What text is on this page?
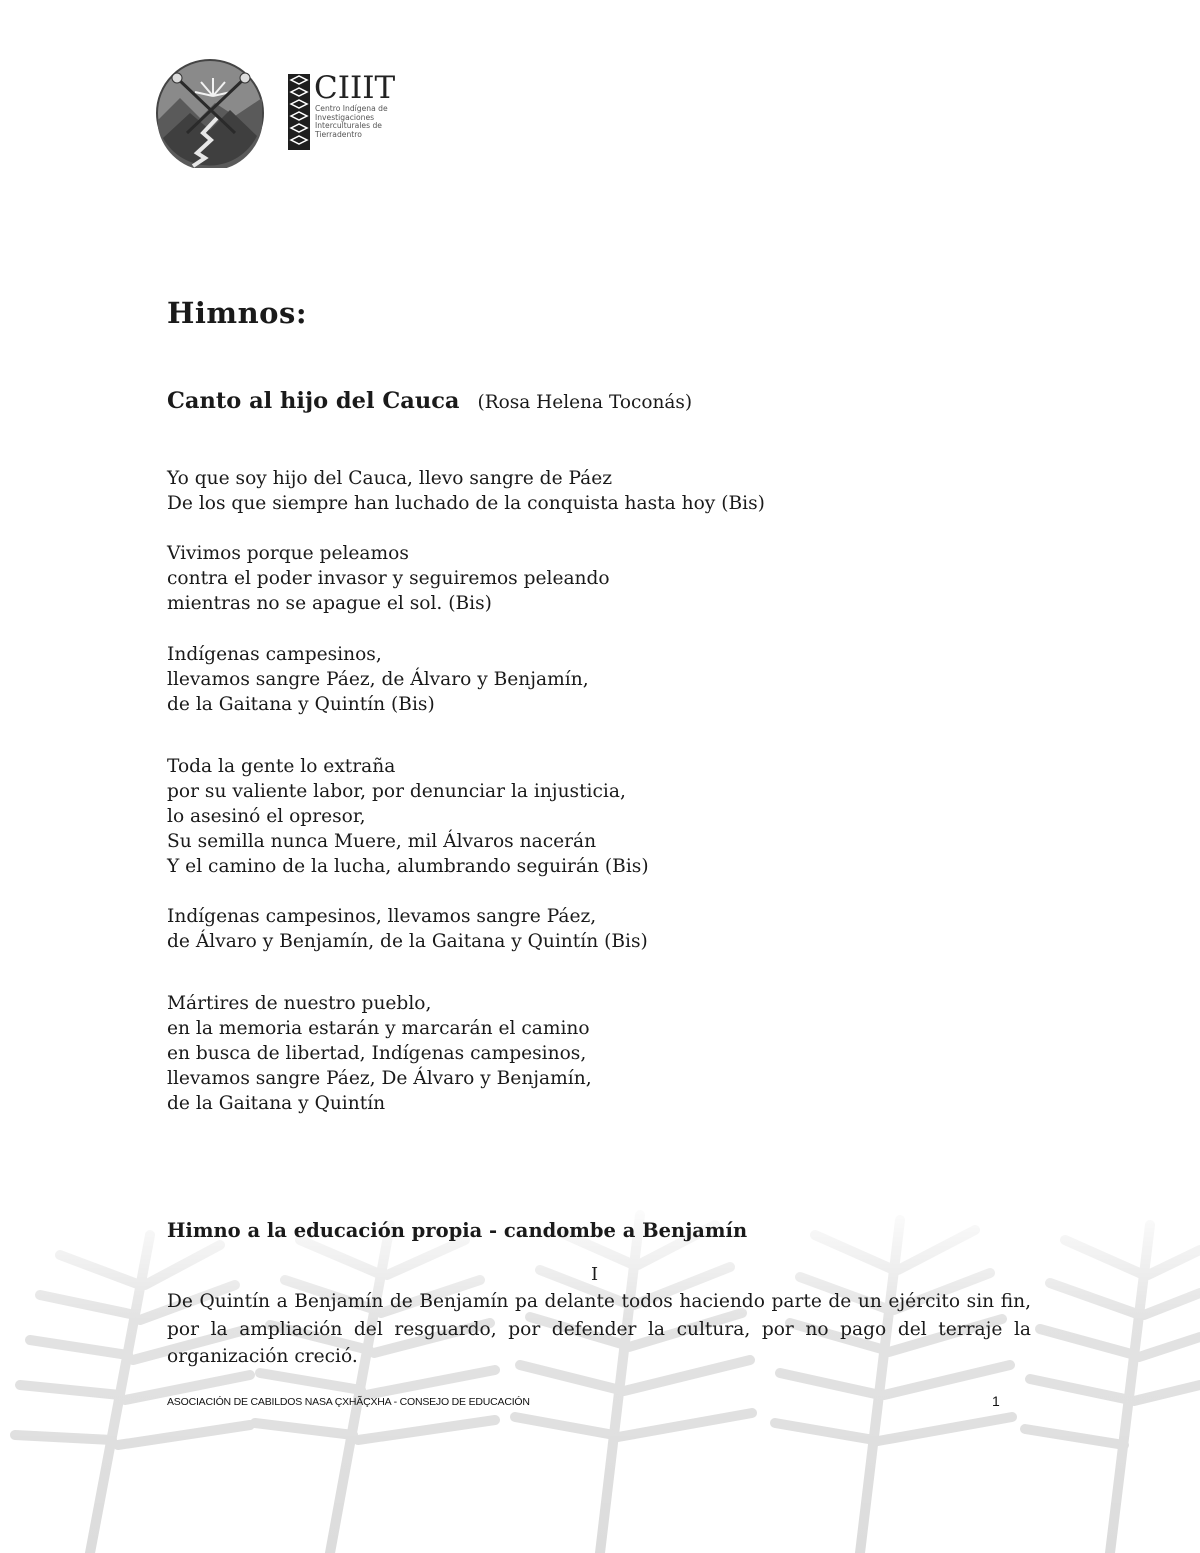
CIIIT
Centro Indígena de Investigaciones Interculturales de Tierradentro
Himnos:
Canto al hijo del Cauca (Rosa Helena Toconás)

Yo que soy hijo del Cauca, llevo sangre de Páez
De los que siempre han luchado de la conquista hasta hoy (Bis)

Vivimos porque peleamos
contra el poder invasor y seguiremos peleando
mientras no se apague el sol. (Bis)

Indígenas campesinos,
llevamos sangre Páez, de Álvaro y Benjamín,
de la Gaitana y Quintín (Bis)

Toda la gente lo extraña
por su valiente labor, por denunciar la injusticia,
lo asesinó el opresor,
Su semilla nunca Muere, mil Álvaros nacerán
Y el camino de la lucha, alumbrando seguirán (Bis)

Indígenas campesinos, llevamos sangre Páez,
de Álvaro y Benjamín, de la Gaitana y Quintín (Bis)

Mártires de nuestro pueblo,
en la memoria estarán y marcarán el camino
en busca de libertad, Indígenas campesinos,
llevamos sangre Páez, De Álvaro y Benjamín,
de la Gaitana y Quintín

Himno a la educación propia - candombe a Benjamín
I

De Quintín a Benjamín de Benjamín pa delante todos haciendo parte de un ejército sin fin, por la ampliación del resguardo, por defender la cultura, por no pago del terraje la organización creció.

ASOCIACIÓN DE CABILDOS NASA ÇXHÃÇXHA - CONSEJO DE EDUCACIÓN	1
